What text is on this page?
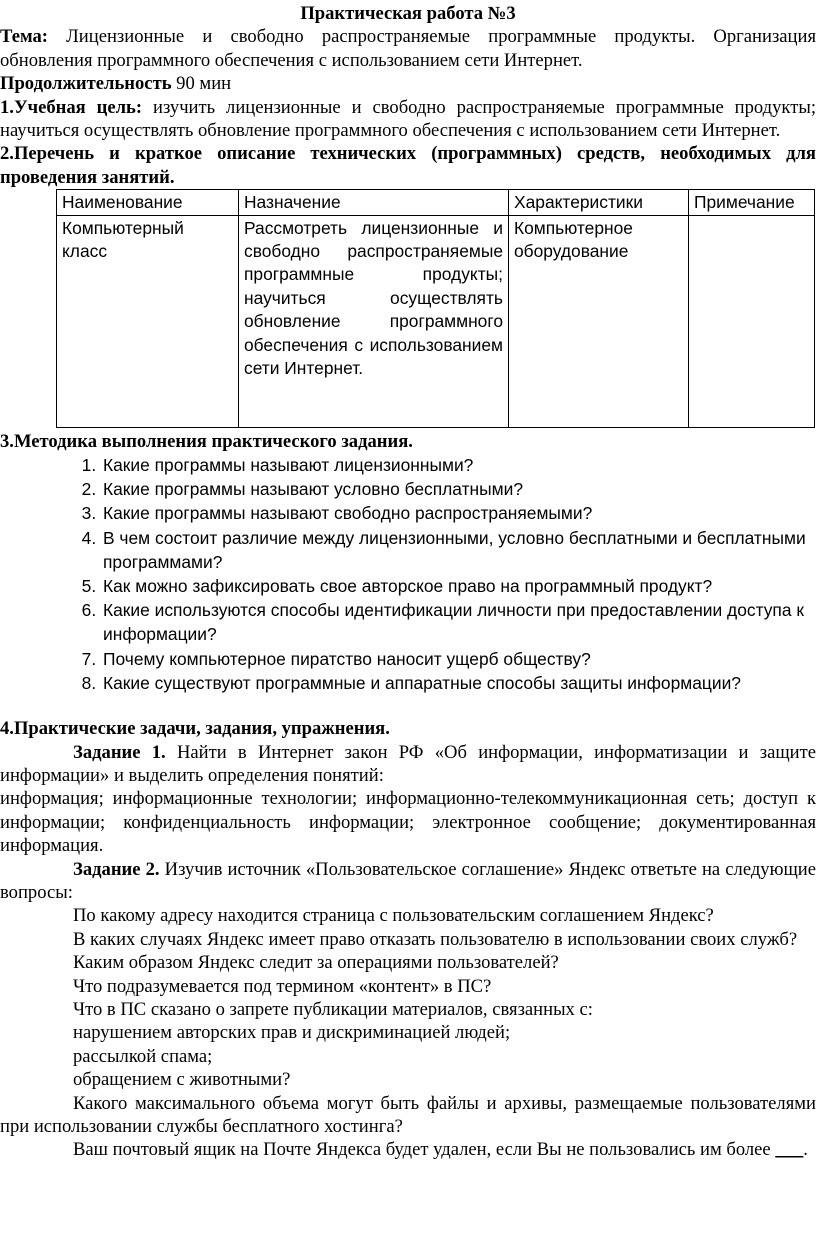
Практическая работа №3

Тема: Лицензионные и свободно распространяемые программные продукты. Организация обновления программного обеспечения с использованием сети Интернет.

Продолжительность 90 мин

1.Учебная цель: изучить лицензионные и свободно распространяемые программные продукты; научиться осуществлять обновление программного обеспечения с использованием сети Интернет.

2.Перечень и краткое описание технических (программных) средств, необходимых для проведения занятий.

Наименование	Назначение	Характеристики	Примечание
Компьютерный класс	Рассмотреть лицензионные и свободно распространяемые программные продукты; научиться осуществлять обновление программного обеспечения с использованием сети Интернет.	Компьютерное оборудование	

3.Методика выполнения практического задания.

1. Какие программы называют лицензионными?
2. Какие программы называют условно бесплатными?
3. Какие программы называют свободно распространяемыми?
4. В чем состоит различие между лицензионными, условно бесплатными и бесплатными программами?
5. Как можно зафиксировать свое авторское право на программный продукт?
6. Какие используются способы идентификации личности при предоставлении доступа к информации?
7. Почему компьютерное пиратство наносит ущерб обществу?
8. Какие существуют программные и аппаратные способы защиты информации?

4.Практические задачи, задания, упражнения.

Задание 1. Найти в Интернет закон РФ «Об информации, информатизации и защите информации» и выделить определения понятий:

информация; информационные технологии; информационно-телекоммуникационная сеть; доступ к информации; конфиденциальность информации; электронное сообщение; документированная информация.

Задание 2. Изучив источник «Пользовательское соглашение» Яндекс ответьте на следующие вопросы:

По какому адресу находится страница с пользовательским соглашением Яндекс?

В каких случаях Яндекс имеет право отказать пользователю в использовании своих служб?

Каким образом Яндекс следит за операциями пользователей?

Что подразумевается под термином «контент» в ПС?

Что в ПС сказано о запрете публикации материалов, связанных с:

нарушением авторских прав и дискриминацией людей;

рассылкой спама;

обращением с животными?

Какого максимального объема могут быть файлы и архивы, размещаемые пользователями при использовании службы бесплатного хостинга?

Ваш почтовый ящик на Почте Яндекса будет удален, если Вы не пользовались им более ___.
